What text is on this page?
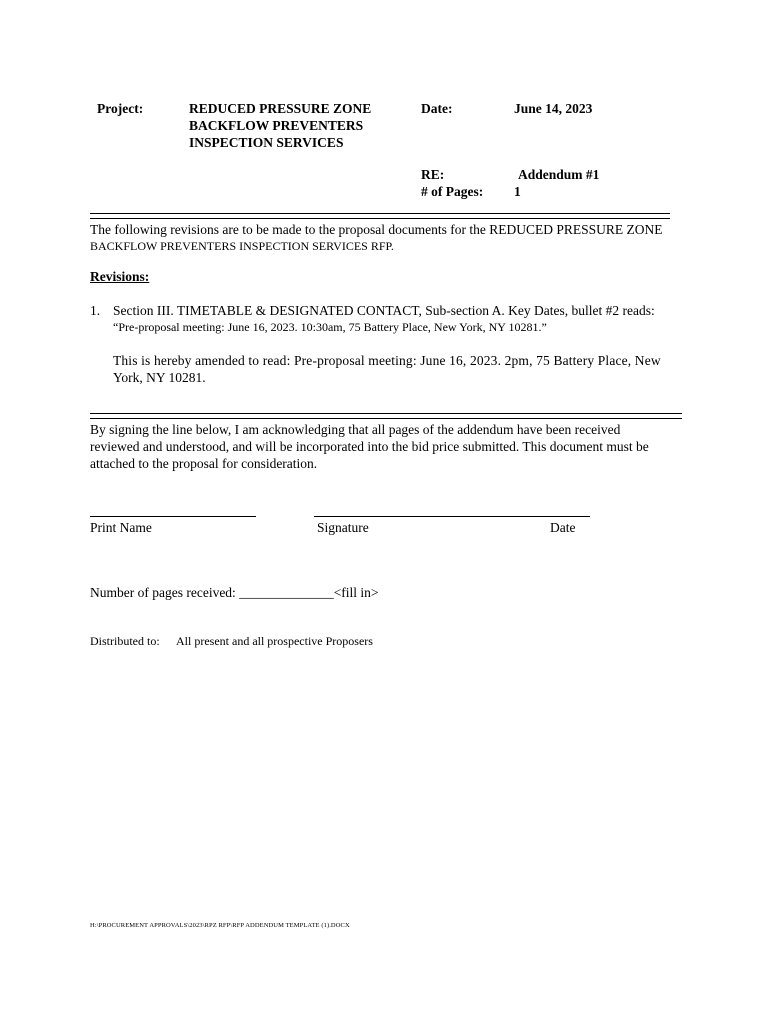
Project:	REDUCED PRESSURE ZONE
BACKFLOW PREVENTERS
INSPECTION SERVICES
Date:	June 14, 2023
RE:	Addendum #1
# of Pages: 1
The following revisions are to be made to the proposal documents for the REDUCED PRESSURE ZONE
BACKFLOW PREVENTERS INSPECTION SERVICES RFP.
Revisions:
1. Section III. TIMETABLE & DESIGNATED CONTACT, Sub-section A. Key Dates, bullet #2 reads:
“Pre-proposal meeting: June 16, 2023. 10:30am, 75 Battery Place, New York, NY 10281.”
This is hereby amended to read: Pre-proposal meeting: June 16, 2023. 2pm, 75 Battery Place, New
York, NY 10281.
By signing the line below, I am acknowledging that all pages of the addendum have been received
reviewed and understood, and will be incorporated into the bid price submitted. This document must be
attached to the proposal for consideration.
Print Name	Signature	Date
Number of pages received: ______________<fill in>
Distributed to: All present and all prospective Proposers
H:\PROCUREMENT APPROVALS\2023\RPZ RFP\RFP ADDENDUM TEMPLATE (1).DOCX
